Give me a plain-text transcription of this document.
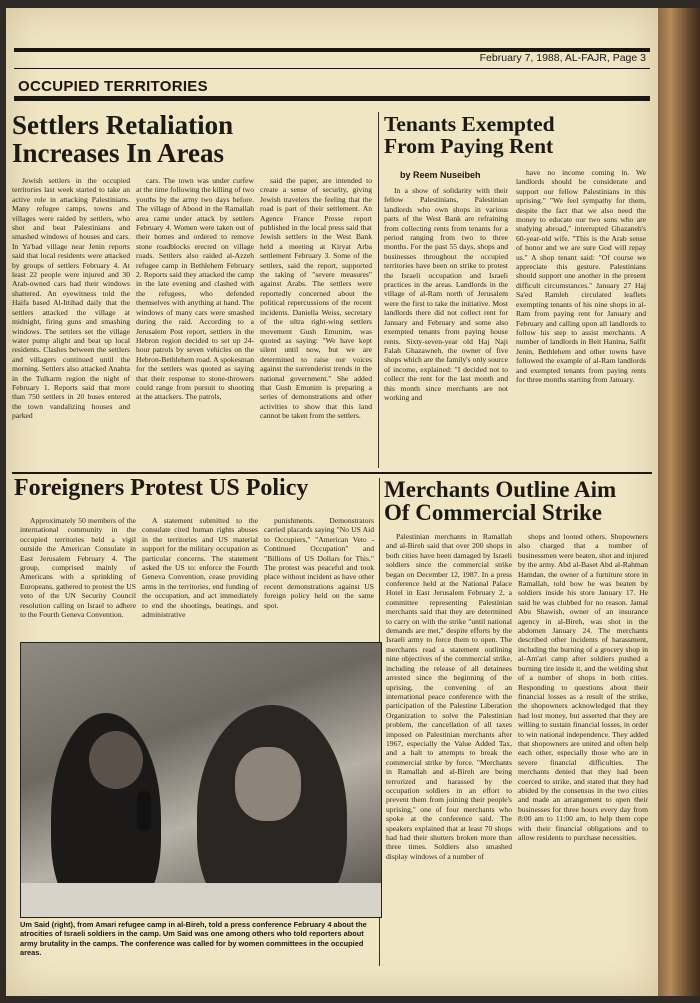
February 7, 1988, AL-FAJR, Page 3
OCCUPIED TERRITORIES
Settlers Retaliation
Increases In Areas

Jewish settlers in the occupied territories last week started to take an active role in attacking Palestinians. Many refugee camps, towns and villages were raided by settlers, who shot and beat Palestinians and smashed windows of houses and cars. In Ya'bad village near Jenin reports said that local residents were attacked by groups of settlers February 4. At least 22 people were injured and 30 Arab-owned cars had their windows shattered. An eyewitness told the Haifa based Al-Ittihad daily that the settlers attacked the village at midnight, firing guns and smashing windows. The settlers set the village water pump alight and beat up local residents. Clashes between the settlers and villagers continued until the morning. Settlers also attacked Anabta in the Tulkarm region the night of February 1. Reports said that more than 750 settlers in 20 buses entered the town vandalizing houses and parked

cars. The town was under curfew at the time following the killing of two youths by the army two days before. The village of Abood in the Ramallah area came under attack by settlers February 4. Women were taken out of their homes and ordered to remove stone roadblocks erected on village roads. Settlers also raided al-Azzeh refugee camp in Bethlehem February 2. Reports said they attacked the camp in the late evening and clashed with the refugees, who defended themselves with anything at hand. The windows of many cars were smashed during the raid. According to a Jerusalem Post report, settlers in the Hebron region decided to set up 24-hour patrols by seven vehicles on the Hebron-Bethlehem road. A spokesman for the settlers was quoted as saying that their response to stone-throwers could range from pursuit to shooting at the attackers. The patrols,

said the paper, are intended to create a sense of security, giving Jewish travelers the feeling that the road is part of their settlement. An Agence France Presse report published in the local press said that Jewish settlers in the West Bank held a meeting at Kiryat Arba settlement February 3. Some of the settlers, said the report, supported the taking of "severe measures" against Arabs. The settlers were reportedly concerned about the political repercussions of the recent incidents. Daniella Weiss, secretary of the ultra right-wing settlers movement Gush Emunim, was quoted as saying: "We have kept silent until now, but we are determined to raise our voices against the surrenderist trends in the national government." She added that Gush Emunim is preparing a series of demonstrations and other activities to show that this land cannot be taken from the settlers.

Tenants Exempted
From Paying Rent
by Reem Nuseibeh

In a show of solidarity with their fellow Palestinians, Palestinian landlords who own shops in various parts of the West Bank are refraining from collecting rents from tenants for a period ranging from two to three months. For the past 55 days, shops and businesses throughout the occupied territories have been on strike to protest the Israeli occupation and Israeli practices in the areas. Landlords in the village of al-Ram north of Jerusalem were the first to take the initiative. Most landlords there did not collect rent for January and February and some also exempted tenants from paying house rents. Sixty-seven-year old Haj Naji Falah Ghazawneh, the owner of five shops which are the family's only source of income, explained: "I decided not to collect the rent for the last month and this month since merchants are not working and

have no income coming in. We landlords should be considerate and support our fellow Palestinians in this uprising." "We feel sympathy for them, despite the fact that we also need the money to educate our two sons who are studying abroad," interrupted Ghazaneh's 60-year-old wife. "This is the Arab sense of honor and we are sure God will repay us." A shop tenant said: "Of course we appreciate this gesture. Palestinians should support one another in the present difficult circumstances." January 27 Haj Sa'ed Ramleh circulated leaflets exempting tenants of his nine shops in al-Ram from paying rent for January and February and calling upon all landlords to follow his step to assist merchants. A number of landlords in Beit Hanina, Salfit Jenin, Bethlehem and other towns have followed the example of al-Ram landlords and exempted tenants from paying rents for three months starting from January.

Foreigners Protest US Policy

Approximately 50 members of the international community in the occupied territories held a vigil outside the American Consulate in East Jerusalem February 4. The group, comprised mainly of Americans with a sprinkling of Europeans, gathered to protest the US veto of the UN Security Council resolution calling on Israel to adhere to the Fourth Geneva Convention.

A statement submitted to the consulate cited human rights abuses in the territories and US material support for the military occupation as particular concerns. The statement asked the US to: enforce the Fourth Geneva Convention, cease providing arms in the territories, end funding of the occupation, and act immediately to end the shootings, beatings, and administrative

punishments. Demonstrators carried placards saying "No US Aid to Occupiers," "American Veto - Continued Occupation" and "Billions of US Dollars for This." The protest was peaceful and took place without incident as have other recent demonstrations against US foreign policy held on the same spot.

Um Said (right), from Amari refugee camp in al-Bireh, told a press conference February 4 about the atrocities of Israeli soldiers in the camp. Um Said was one among others who told reporters about army brutality in the camps. The conference was called for by women committees in the occupied areas.
Merchants Outline Aim
Of Commercial Strike

Palestinian merchants in Ramallah and al-Bireh said that over 200 shops in both cities have been damaged by Israeli soldiers since the commercial strike began on December 12, 1987. In a press conference held at the National Palace Hotel in East Jerusalem February 2, a committee representing Palestinian merchants said that they are determined to carry on with the strike "until national demands are met," despite efforts by the Israeli army to force them to open. The merchants read a statement outlining nine objectives of the commercial strike, including the release of all detainees arrested since the beginning of the uprising, the convening of an international peace conference with the participation of the Palestine Liberation Organization to solve the Palestinian problem, the cancellation of all taxes imposed on Palestinian merchants after 1967, especially the Value Added Tax, and a halt to attempts to break the commercial strike by force. "Merchants in Ramallah and al-Bireh are being terrorized and harassed by the occupation soldiers in an effort to prevent them from joining their people's uprising," one of four merchants who spoke at the conference said. The speakers explained that at least 70 shops had had their shutters broken more than three times. Soldiers also smashed display windows of a number of

shops and looted others. Shopowners also charged that a number of businessmen were beaten, shot and injured by the army. Abd al-Baset Abd al-Rahman Hamdan, the owner of a furniture store in Ramallah, told how he was beaten by soldiers inside his store January 17. He said he was clubbed for no reason. Jamal Abu Shawish, owner of an insurance agency in al-Bireh, was shot in the abdomen January 24. The merchants described other incidents of harassment, including the burning of a grocery shop in al-Am'ari camp after soldiers pushed a burning tire inside it, and the welding shut of a number of shops in both cities. Responding to questions about their financial losses as a result of the strike, the shopowners acknowledged that they had lost money, but asserted that they are willing to sustain financial losses, in order to win national independence. They added that shopowners are united and often help each other, especially those who are in severe financial difficulties. The merchants denied that they had been coerced to strike, and stated that they had abided by the consensus in the two cities and made an arrangement to open their businesses for three hours every day from 8:00 am to 11:00 am, to help them cope with their financial obligations and to allow residents to purchase necessities.
